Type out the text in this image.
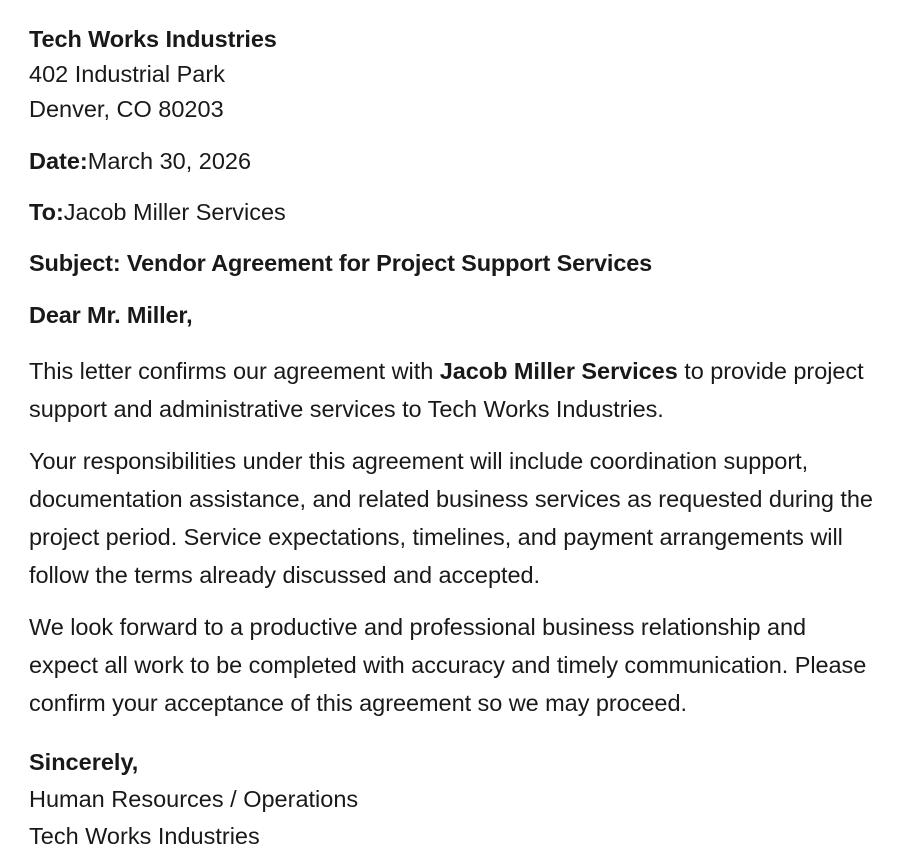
Tech Works Industries
402 Industrial Park
Denver, CO 80203
Date:March 30, 2026
To:Jacob Miller Services
Subject: Vendor Agreement for Project Support Services
Dear Mr. Miller,

This letter confirms our agreement with Jacob Miller Services to provide project support and administrative services to Tech Works Industries.

Your responsibilities under this agreement will include coordination support, documentation assistance, and related business services as requested during the project period. Service expectations, timelines, and payment arrangements will follow the terms already discussed and accepted.

We look forward to a productive and professional business relationship and expect all work to be completed with accuracy and timely communication. Please confirm your acceptance of this agreement so we may proceed.

Sincerely,
Human Resources / Operations
Tech Works Industries
